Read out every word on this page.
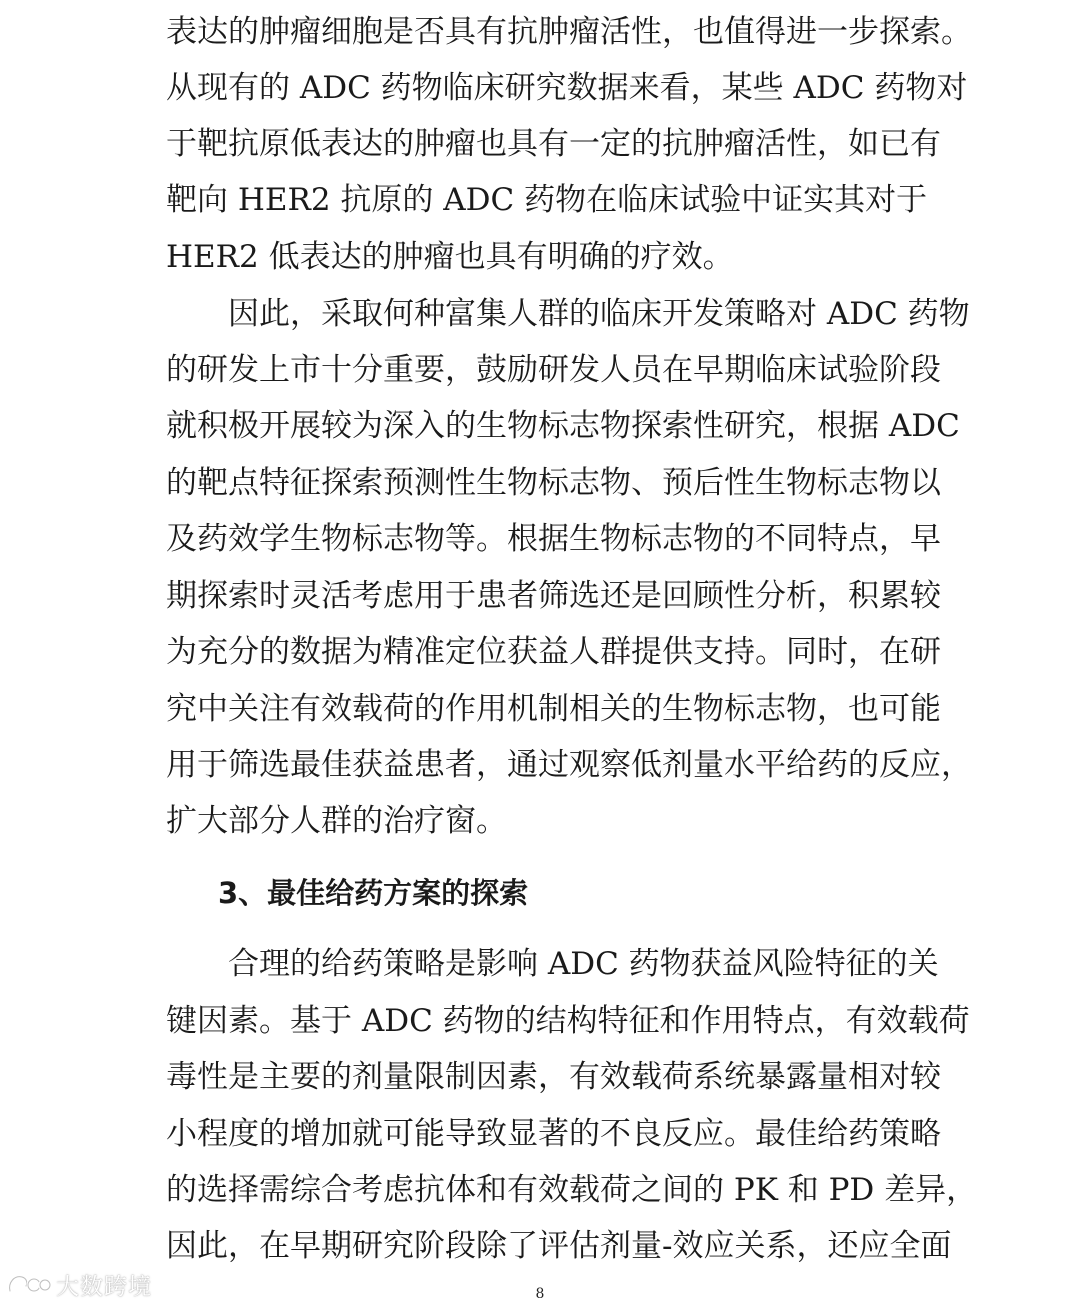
表达的肿瘤细胞是否具有抗肿瘤活性，也值得进一步探索。
从现有的 ADC 药物临床研究数据来看，某些 ADC 药物对
于靶抗原低表达的肿瘤也具有一定的抗肿瘤活性，如已有
靶向 HER2 抗原的 ADC 药物在临床试验中证实其对于
HER2 低表达的肿瘤也具有明确的疗效。
因此，采取何种富集人群的临床开发策略对 ADC 药物
的研发上市十分重要，鼓励研发人员在早期临床试验阶段
就积极开展较为深入的生物标志物探索性研究，根据 ADC
的靶点特征探索预测性生物标志物、预后性生物标志物以
及药效学生物标志物等。根据生物标志物的不同特点，早
期探索时灵活考虑用于患者筛选还是回顾性分析，积累较
为充分的数据为精准定位获益人群提供支持。同时，在研
究中关注有效载荷的作用机制相关的生物标志物，也可能
用于筛选最佳获益患者，通过观察低剂量水平给药的反应，
扩大部分人群的治疗窗。
3、最佳给药方案的探索
合理的给药策略是影响 ADC 药物获益风险特征的关
键因素。基于 ADC 药物的结构特征和作用特点，有效载荷
毒性是主要的剂量限制因素，有效载荷系统暴露量相对较
小程度的增加就可能导致显著的不良反应。最佳给药策略
的选择需综合考虑抗体和有效载荷之间的 PK 和 PD 差异，
因此，在早期研究阶段除了评估剂量-效应关系，还应全面
大数跨境	8
